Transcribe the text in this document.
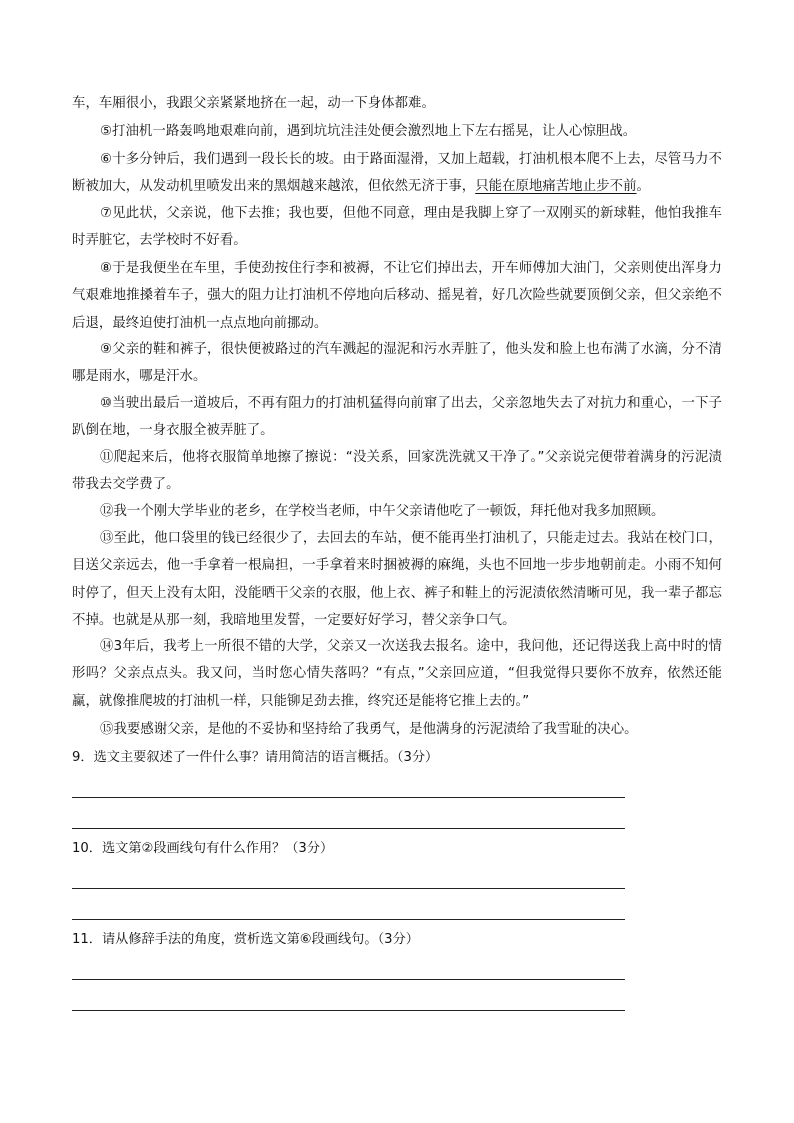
车，车厢很小，我跟父亲紧紧地挤在一起，动一下身体都难。

⑤打油机一路轰鸣地艰难向前，遇到坑坑洼洼处便会激烈地上下左右摇晃，让人心惊胆战。

⑥十多分钟后，我们遇到一段长长的坡。由于路面湿滑，又加上超载，打油机根本爬不上去，尽管马力不断被加大，从发动机里喷发出来的黑烟越来越浓，但依然无济于事，只能在原地痛苦地止步不前。

⑦见此状，父亲说，他下去推；我也要，但他不同意，理由是我脚上穿了一双刚买的新球鞋，他怕我推车时弄脏它，去学校时不好看。

⑧于是我便坐在车里，手使劲按住行李和被褥，不让它们掉出去，开车师傅加大油门，父亲则使出浑身力气艰难地推搡着车子，强大的阻力让打油机不停地向后移动、摇晃着，好几次险些就要顶倒父亲，但父亲绝不后退，最终迫使打油机一点点地向前挪动。

⑨父亲的鞋和裤子，很快便被路过的汽车溅起的湿泥和污水弄脏了，他头发和脸上也布满了水滴，分不清哪是雨水，哪是汗水。

⑩当驶出最后一道坡后，不再有阻力的打油机猛得向前窜了出去，父亲忽地失去了对抗力和重心，一下子趴倒在地，一身衣服全被弄脏了。

⑪爬起来后，他将衣服简单地擦了擦说：“没关系，回家洗洗就又干净了。”父亲说完便带着满身的污泥渍带我去交学费了。

⑫我一个刚大学毕业的老乡，在学校当老师，中午父亲请他吃了一顿饭，拜托他对我多加照顾。

⑬至此，他口袋里的钱已经很少了，去回去的车站，便不能再坐打油机了，只能走过去。我站在校门口，目送父亲远去，他一手拿着一根扁担，一手拿着来时捆被褥的麻绳，头也不回地一步步地朝前走。小雨不知何时停了，但天上没有太阳，没能晒干父亲的衣服，他上衣、裤子和鞋上的污泥渍依然清晰可见，我一辈子都忘不掉。也就是从那一刻，我暗地里发誓，一定要好好学习，替父亲争口气。

⑭3年后，我考上一所很不错的大学，父亲又一次送我去报名。途中，我问他，还记得送我上高中时的情形吗？父亲点点头。我又问，当时您心情失落吗？“有点，”父亲回应道，“但我觉得只要你不放弃，依然还能赢，就像推爬坡的打油机一样，只能铆足劲去推，终究还是能将它推上去的。”

⑮我要感谢父亲，是他的不妥协和坚持给了我勇气，是他满身的污泥渍给了我雪耻的决心。

9．选文主要叙述了一件什么事？请用简洁的语言概括。（3分）

10．选文第②段画线句有什么作用？（3分）

11．请从修辞手法的角度，赏析选文第⑥段画线句。（3分）
